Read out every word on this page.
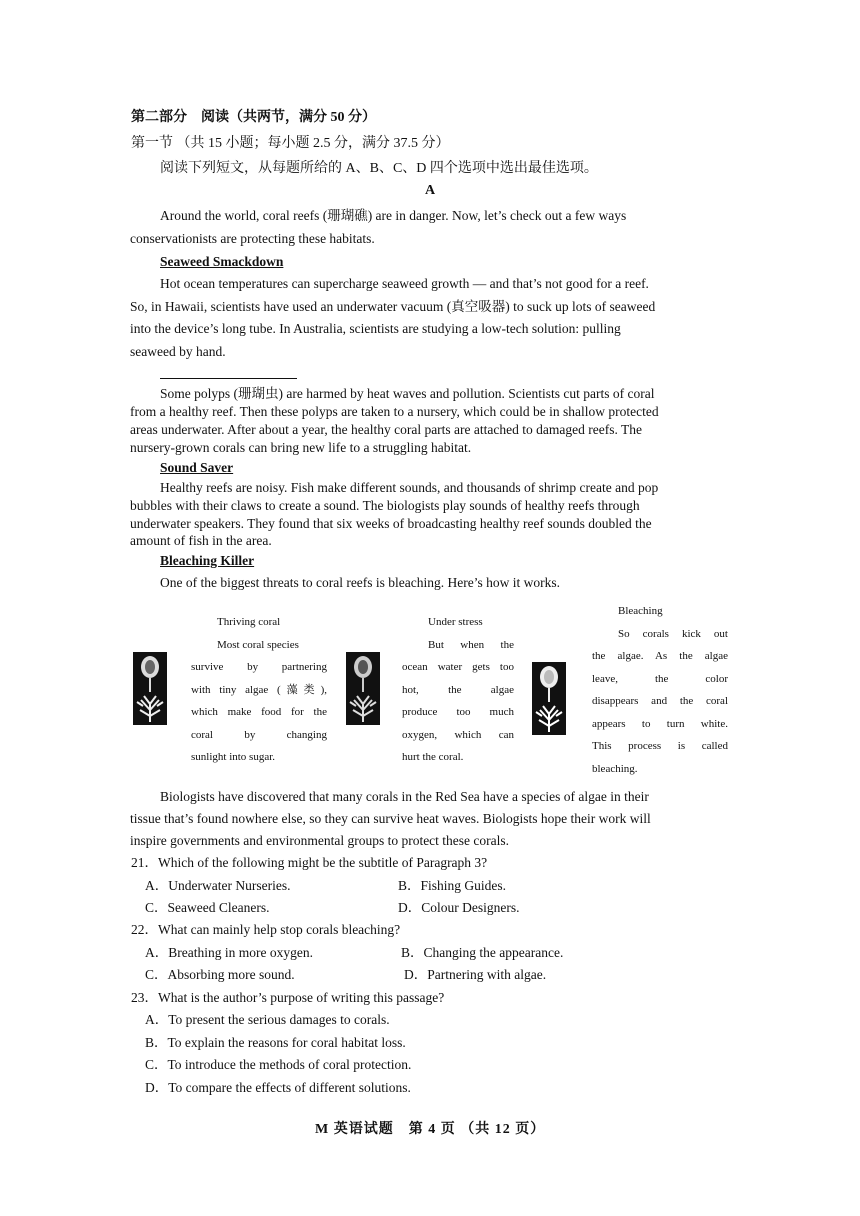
第二部分　阅读（共两节，满分 50 分）
第一节 （共 15 小题；每小题 2.5 分，满分 37.5 分）
阅读下列短文，从每题所给的 A、B、C、D 四个选项中选出最佳选项。
A
Around the world, coral reefs (珊瑚礁) are in danger. Now, let’s check out a few ways
conservationists are protecting these habitats.
Seaweed Smackdown
Hot ocean temperatures can supercharge seaweed growth — and that’s not good for a reef.
So, in Hawaii, scientists have used an underwater vacuum (真空吸器) to suck up lots of seaweed
into the device’s long tube. In Australia, scientists are studying a low-tech solution: pulling
seaweed by hand.
Some polyps (珊瑚虫) are harmed by heat waves and pollution. Scientists cut parts of coral
from a healthy reef. Then these polyps are taken to a nursery, which could be in shallow protected
areas underwater. After about a year, the healthy coral parts are attached to damaged reefs. The
nursery-grown corals can bring new life to a struggling habitat.
Sound Saver
Healthy reefs are noisy. Fish make different sounds, and thousands of shrimp create and pop
bubbles with their claws to create a sound. The biologists play sounds of healthy reefs through
underwater speakers. They found that six weeks of broadcasting healthy reef sounds doubled the
amount of fish in the area.
Bleaching Killer
One of the biggest threats to coral reefs is bleaching. Here’s how it works.
Thriving coral
Most coral species
survive by partnering
with tiny algae (藻类),
which make food for the
coral by changing
sunlight into sugar.
Under stress
But when the
ocean water gets too
hot, the algae
produce too much
oxygen, which can
hurt the coral.
Bleaching
So corals kick out
the algae. As the algae
leave, the color
disappears and the coral
appears to turn white.
This process is called
bleaching.
Biologists have discovered that many corals in the Red Sea have a species of algae in their
tissue that’s found nowhere else, so they can survive heat waves. Biologists hope their work will
inspire governments and environmental groups to protect these corals.
21．Which of the following might be the subtitle of Paragraph 3?
A．Underwater Nurseries.	B．Fishing Guides.
C．Seaweed Cleaners.	D．Colour Designers.
22．What can mainly help stop corals bleaching?
A．Breathing in more oxygen.	B．Changing the appearance.
C．Absorbing more sound.	D．Partnering with algae.
23．What is the author’s purpose of writing this passage?
A．To present the serious damages to corals.
B．To explain the reasons for coral habitat loss.
C．To introduce the methods of coral protection.
D．To compare the effects of different solutions.
M 英语试题　第 4 页 （共 12 页）
